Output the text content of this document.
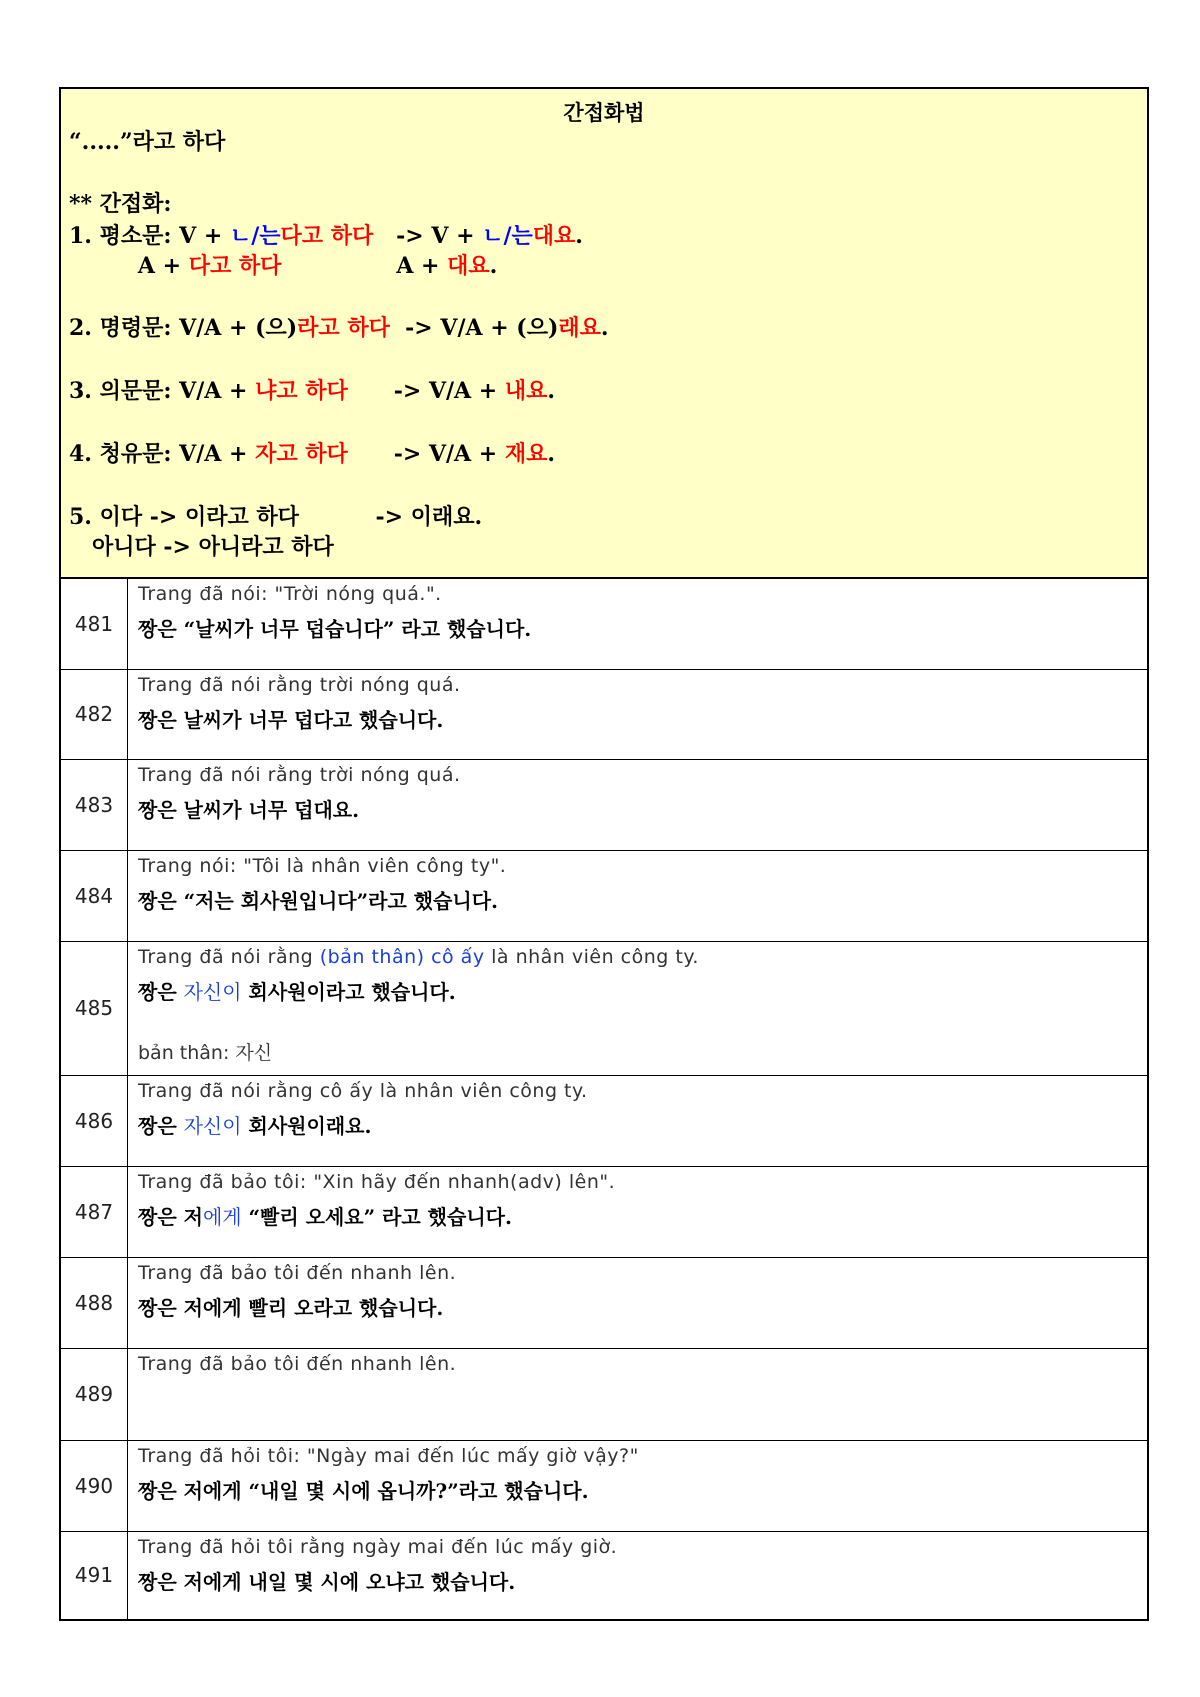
간접화법
“.....”라고 하다
** 간접화:
1. 평소문: V + ㄴ/는다고 하다   -> V + ㄴ/는대요.
A + 다고 하다               A + 대요.
2. 명령문: V/A + (으)라고 하다  -> V/A + (으)래요.
3. 의문문: V/A + 냐고 하다      -> V/A + 내요.
4. 청유문: V/A + 자고 하다      -> V/A + 재요.
5. 이다 -> 이라고 하다          -> 이래요.
아니다 -> 아니라고 하다
481	Trang đã nói: "Trời nóng quá.".
짱은 “날씨가 너무 덥습니다” 라고 했습니다.

482	Trang đã nói rằng trời nóng quá.
짱은 날씨가 너무 덥다고 했습니다.

483	Trang đã nói rằng trời nóng quá.
짱은 날씨가 너무 덥대요.

484	Trang nói: "Tôi là nhân viên công ty".
짱은 “저는 회사원입니다”라고 했습니다.

485	Trang đã nói rằng (bản thân) cô ấy là nhân viên công ty.
짱은 자신이 회사원이라고 했습니다.
bản thân: 자신

486	Trang đã nói rằng cô ấy là nhân viên công ty.
짱은 자신이 회사원이래요.

487	Trang đã bảo tôi: "Xin hãy đến nhanh(adv) lên".
짱은 저에게 “빨리 오세요” 라고 했습니다.

488	Trang đã bảo tôi đến nhanh lên.
짱은 저에게 빨리 오라고 했습니다.

489	Trang đã bảo tôi đến nhanh lên.

490	Trang đã hỏi tôi: "Ngày mai đến lúc mấy giờ vậy?"
짱은 저에게 “내일 몇 시에 옵니까?”라고 했습니다.

491	Trang đã hỏi tôi rằng ngày mai đến lúc mấy giờ.
짱은 저에게 내일 몇 시에 오냐고 했습니다.
